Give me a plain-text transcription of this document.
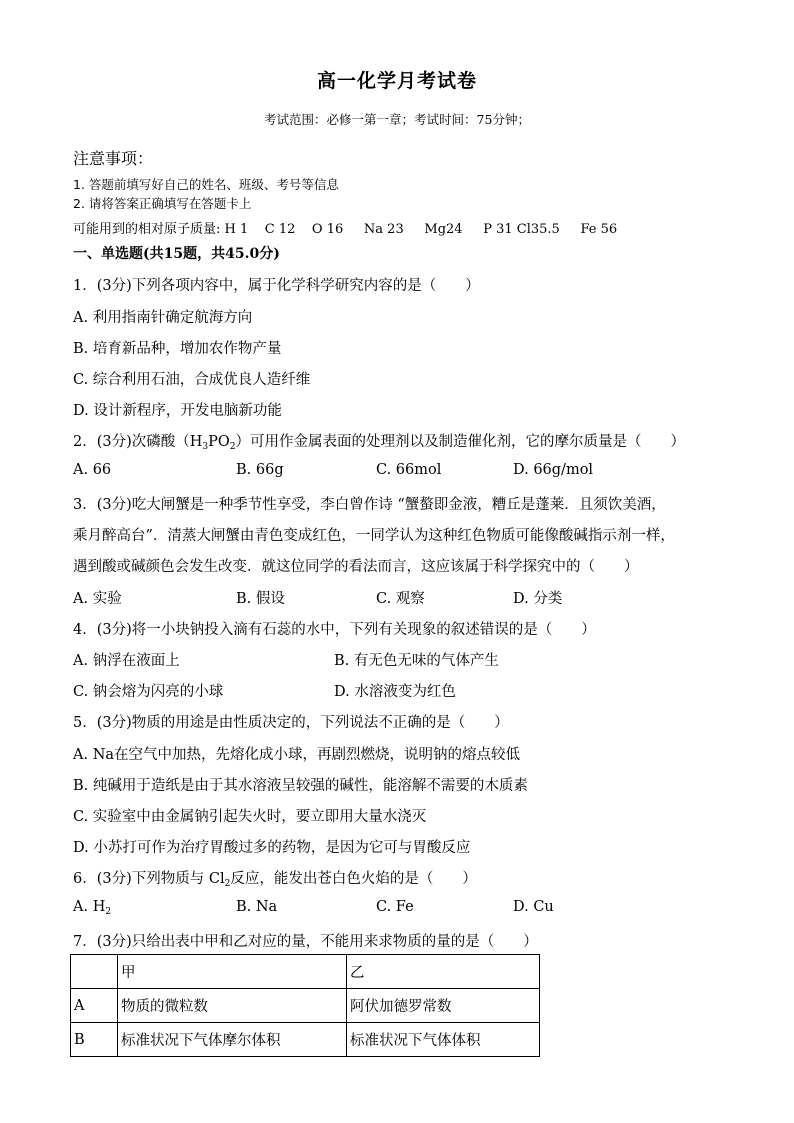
高一化学月考试卷
考试范围：必修一第一章；考试时间：75分钟；
注意事项：
1. 答题前填写好自己的姓名、班级、考号等信息
2. 请将答案正确填写在答题卡上
可能用到的相对原子质量: H 1    C 12    O 16     Na 23     Mg24     P 31 Cl35.5     Fe 56
一、单选题(共15题，共45.0分)
1．(3分)下列各项内容中，属于化学科学研究内容的是（　　）
A. 利用指南针确定航海方向
B. 培育新品种，增加农作物产量
C. 综合利用石油，合成优良人造纤维
D. 设计新程序，开发电脑新功能
2．(3分)次磷酸$(H_3PO_2)$可用作金属表面的处理剂以及制造催化剂，它的摩尔质量是（　　）
A. 66	B. 66g	C. 66mol	D. 66g/mol
3．(3分)吃大闸蟹是一种季节性享受，李白曾作诗 “蟹螯即金液，糟丘是蓬莱．且须饮美酒，
乘月醉高台”．清蒸大闸蟹由青色变成红色，一同学认为这种红色物质可能像酸碱指示剂一样，
遇到酸或碱颜色会发生改变．就这位同学的看法而言，这应该属于科学探究中的（　　）
A. 实验	B. 假设	C. 观察	D. 分类
4．(3分)将一小块钠投入滴有石蕊的水中，下列有关现象的叙述错误的是（　　）
A. 钠浮在液面上	B. 有无色无味的气体产生
C. 钠会熔为闪亮的小球	D. 水溶液变为红色
5．(3分)物质的用途是由性质决定的，下列说法不正确的是（　　）
A. Na在空气中加热，先熔化成小球，再剧烈燃烧，说明钠的熔点较低
B. 纯碱用于造纸是由于其水溶液呈较强的碱性，能溶解不需要的木质素
C. 实验室中由金属钠引起失火时，要立即用大量水浇灭
D. 小苏打可作为治疗胃酸过多的药物，是因为它可与胃酸反应
6．(3分)下列物质与 $Cl_2$反应，能发出苍白色火焰的是（　　）
A. $H_2$	B. Na	C. Fe	D. Cu
7．(3分)只给出表中甲和乙对应的量，不能用来求物质的量的是（　　）
	甲	乙
A	物质的微粒数	阿伏加德罗常数
B	标准状况下气体摩尔体积	标准状况下气体体积
